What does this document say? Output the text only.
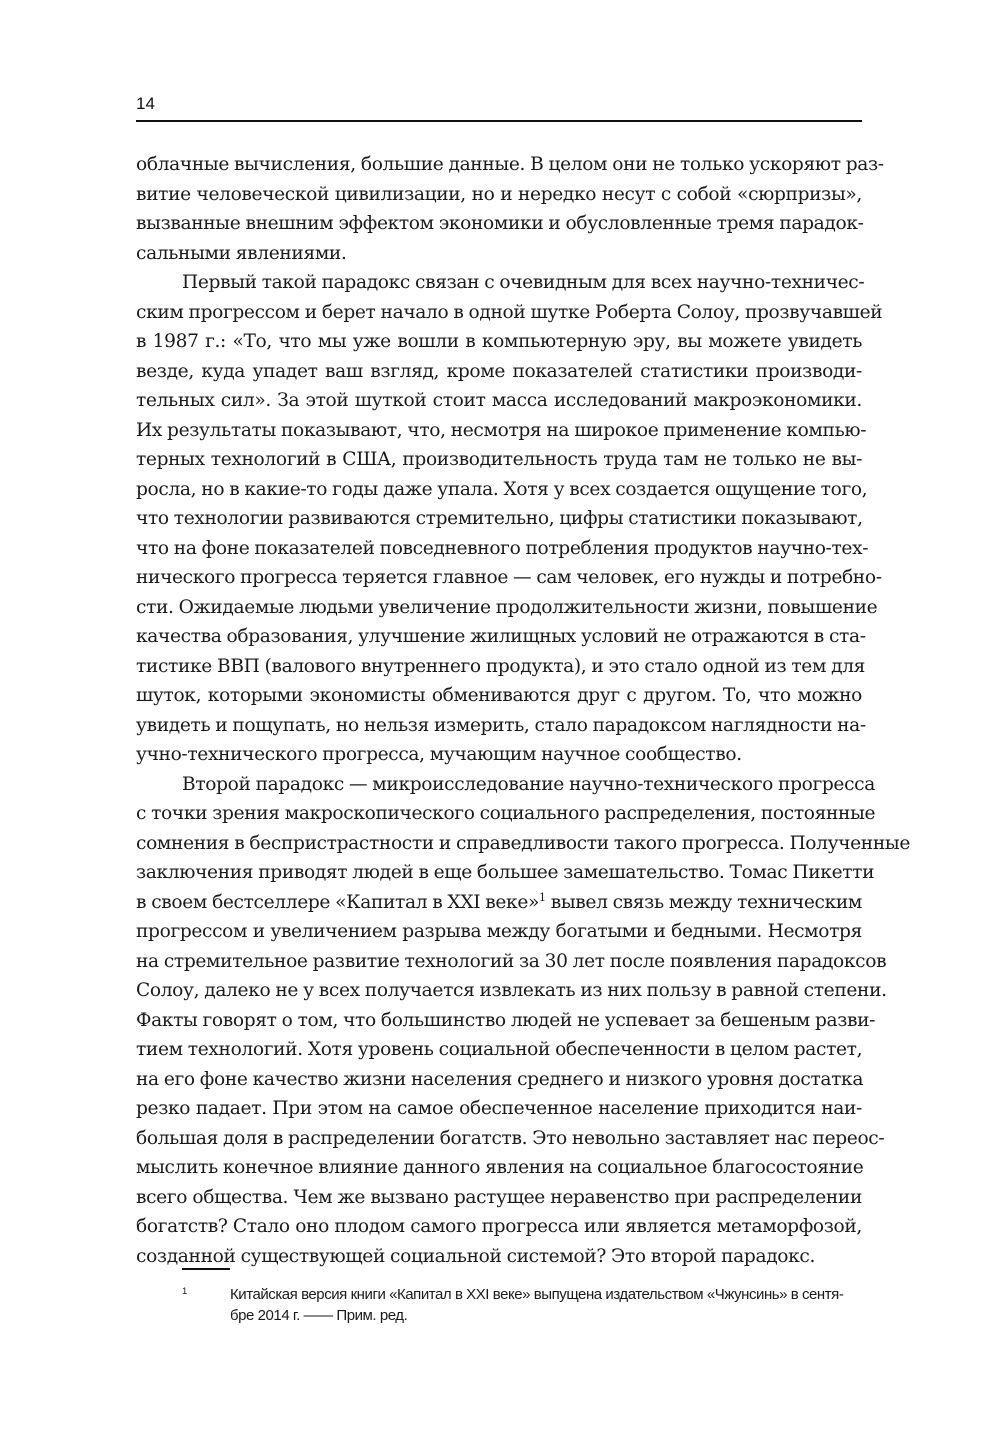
14
облачные вычисления, большие данные. В целом они не только ускоряют раз-
витие человеческой цивилизации, но и нередко несут с собой «сюрпризы»,
вызванные внешним эффектом экономики и обусловленные тремя парадок-
сальными явлениями.
Первый такой парадокс связан с очевидным для всех научно-техничес-
ским прогрессом и берет начало в одной шутке Роберта Солоу, прозвучавшей
в 1987 г.: «То, что мы уже вошли в компьютерную эру, вы можете увидеть
везде, куда упадет ваш взгляд, кроме показателей статистики производи-
тельных сил». За этой шуткой стоит масса исследований макроэкономики.
Их результаты показывают, что, несмотря на широкое применение компью-
терных технологий в США, производительность труда там не только не вы-
росла, но в какие-то годы даже упала. Хотя у всех создается ощущение того,
что технологии развиваются стремительно, цифры статистики показывают,
что на фоне показателей повседневного потребления продуктов научно-тех-
нического прогресса теряется главное — сам человек, его нужды и потребно-
сти. Ожидаемые людьми увеличение продолжительности жизни, повышение
качества образования, улучшение жилищных условий не отражаются в ста-
тистике ВВП (валового внутреннего продукта), и это стало одной из тем для
шуток, которыми экономисты обмениваются друг с другом. То, что можно
увидеть и пощупать, но нельзя измерить, стало парадоксом наглядности на-
учно-технического прогресса, мучающим научное сообщество.
Второй парадокс — микроисследование научно-технического прогресса
с точки зрения макроскопического социального распределения, постоянные
сомнения в беспристрастности и справедливости такого прогресса. Полученные
заключения приводят людей в еще большее замешательство. Томас Пикетти
в своем бестселлере «Капитал в XXI веке»$^1$ вывел связь между техническим
прогрессом и увеличением разрыва между богатыми и бедными. Несмотря
на стремительное развитие технологий за 30 лет после появления парадоксов
Солоу, далеко не у всех получается извлекать из них пользу в равной степени.
Факты говорят о том, что большинство людей не успевает за бешеным разви-
тием технологий. Хотя уровень социальной обеспеченности в целом растет,
на его фоне качество жизни населения среднего и низкого уровня достатка
резко падает. При этом на самое обеспеченное население приходится наи-
большая доля в распределении богатств. Это невольно заставляет нас переос-
мыслить конечное влияние данного явления на социальное благосостояние
всего общества. Чем же вызвано растущее неравенство при распределении
богатств? Стало оно плодом самого прогресса или является метаморфозой,
созданной существующей социальной системой? Это второй парадокс.
1	Китайская версия книги «Капитал в XXI веке» выпущена издательством «Чжунсинь» в сентя-
бре 2014 г. —— Прим. ред.
